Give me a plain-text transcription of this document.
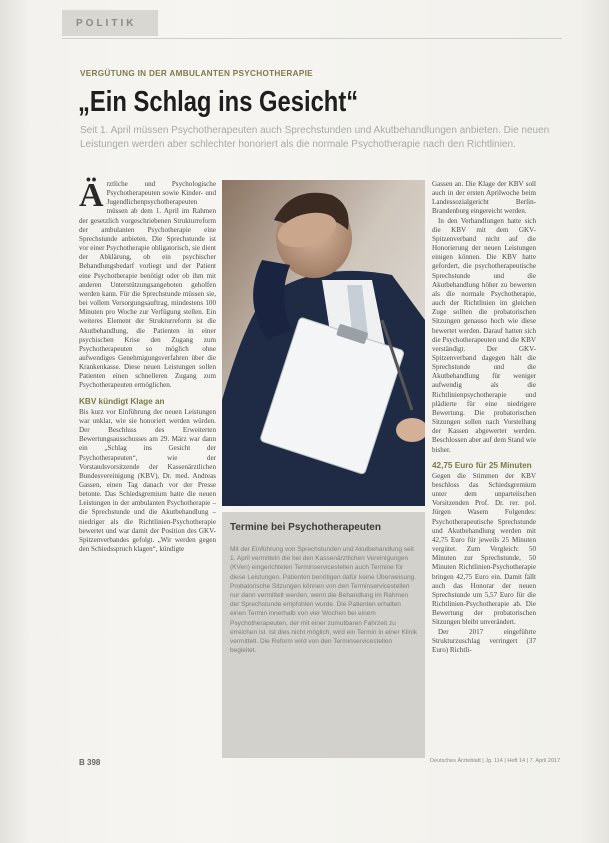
POLITIK
VERGÜTUNG IN DER AMBULANTEN PSYCHOTHERAPIE
„Ein Schlag ins Gesicht“
Seit 1. April müssen Psychotherapeuten auch Sprechstunden und Akutbehandlungen anbieten. Die neuen Leistungen werden aber schlechter honoriert als die normale Psychotherapie nach den Richtlinien.

Ärztliche und Psychologische Psychotherapeuten sowie Kinder- und Jugendlichenpsychotherapeuten müssen ab dem 1. April im Rahmen der gesetzlich vorgeschriebenen Strukturreform der ambulanten Psychotherapie eine Sprechstunde anbieten. Die Sprechstunde ist vor einer Psychotherapie obligatorisch, sie dient der Abklärung, ob ein psychischer Behandlungsbedarf vorliegt und der Patient eine Psychotherapie benötigt oder ob ihm mit anderen Unterstützungsangeboten geholfen werden kann. Für die Sprechstunde müssen sie, bei vollem Versorgungsauftrag, mindestens 100 Minuten pro Woche zur Verfügung stellen. Ein weiteres Element der Strukturreform ist die Akutbehandlung, die Patienten in einer psychischen Krise den Zugang zum Psychotherapeuten so möglich ohne aufwendiges Genehmigungsverfahren über die Krankenkasse. Diese neuen Leistungen sollen Patienten einen schnelleren Zugang zum Psychotherapeuten ermöglichen.

KBV kündigt Klage an

Bis kurz vor Einführung der neuen Leistungen war unklar, wie sie honoriert werden würden. Der Beschluss des Erweiterten Bewertungsausschusses am 29. März war dann ein „Schlag ins Gesicht der Psychotherapeuten“, wie der Vorstandsvorsitzende der Kassenärztlichen Bundesvereinigung (KBV), Dr. med. Andreas Gassen, einen Tag danach vor der Presse betonte. Das Schiedsgremium hatte die neuen Leistungen in der ambulanten Psychotherapie – die Sprechstunde und die Akutbehandlung – niedriger als die Richtlinien-Psychotherapie bewertet und war damit der Position des GKV-Spitzenverbandes gefolgt. „Wir werden gegen den Schiedsspruch klagen“, kündigte

Termine bei Psychotherapeuten
Mit der Einführung von Sprechstunden und Akutbehandlung seit 1. April vermitteln die bei den Kassenärztlichen Vereinigungen (KVen) eingerichteten Terminservicestellen auch Termine für diese Leistungen. Patienten benötigen dafür keine Überweisung. Probatorische Sitzungen können von den Terminservicestellen nur dann vermittelt werden, wenn die Behandlung im Rahmen der Sprechstunde empfohlen wurde. Die Patienten erhalten einen Termin innerhalb von vier Wochen bei einem Psychotherapeuten, der mit einer zumutbaren Fahrzeit zu erreichen ist. Ist dies nicht möglich, wird ein Termin in einer Klinik vermittelt. Die Reform wird von den Terminservicestellen begleitet.

Gassen an. Die Klage der KBV soll auch in der ersten Aprilwoche beim Landessozialgericht Berlin-Brandenburg eingereicht werden.

In den Verhandlungen hatte sich die KBV mit dem GKV-Spitzenverband nicht auf die Honorierung der neuen Leistungen einigen können. Die KBV hatte gefordert, die psychotherapeutische Sprechstunde und die Akutbehandlung höher zu bewerten als die normale Psychotherapie, auch der Richtlinien im gleichen Zuge sollten die probatorischen Sitzungen genauso hoch wie diese bewertet werden. Darauf hatten sich die Psychotherapeuten und die KBV verständigt. Der GKV-Spitzenverband dagegen hält die Sprechstunde und die Akutbehandlung für weniger aufwendig als die Richtlinienpsychotherapie und plädierte für eine niedrigere Bewertung. Die probatorischen Sitzungen sollen nach Vorstellung der Kassen abgewertet werden. Beschlossen aber auf dem Stand wie bisher.

42,75 Euro für 25 Minuten

Gegen die Stimmen der KBV beschloss das Schiedsgremium unter dem unparteiischen Vorsitzenden Prof. Dr. rer. pol. Jürgen Wasem Folgendes: Psychotherapeutische Sprechstunde und Akutbehandlung werden mit 42,75 Euro für jeweils 25 Minuten vergütet. Zum Vergleich: 50 Minuten zur Sprechstunde, 50 Minuten Richtlinien-Psychotherapie bringen 42,75 Euro ein. Damit fällt auch das Honorar der neuen Sprechstunde um 5,57 Euro für die Richtlinien-Psychotherapie ab. Die Bewertung der probatorischen Sitzungen bleibt unverändert.

Der 2017 eingeführte Strukturzuschlag verringert (37 Euro) Richtli-

B 398	Deutsches Ärzteblatt | Jg. 114 | Heft 14 | 7. April 2017
